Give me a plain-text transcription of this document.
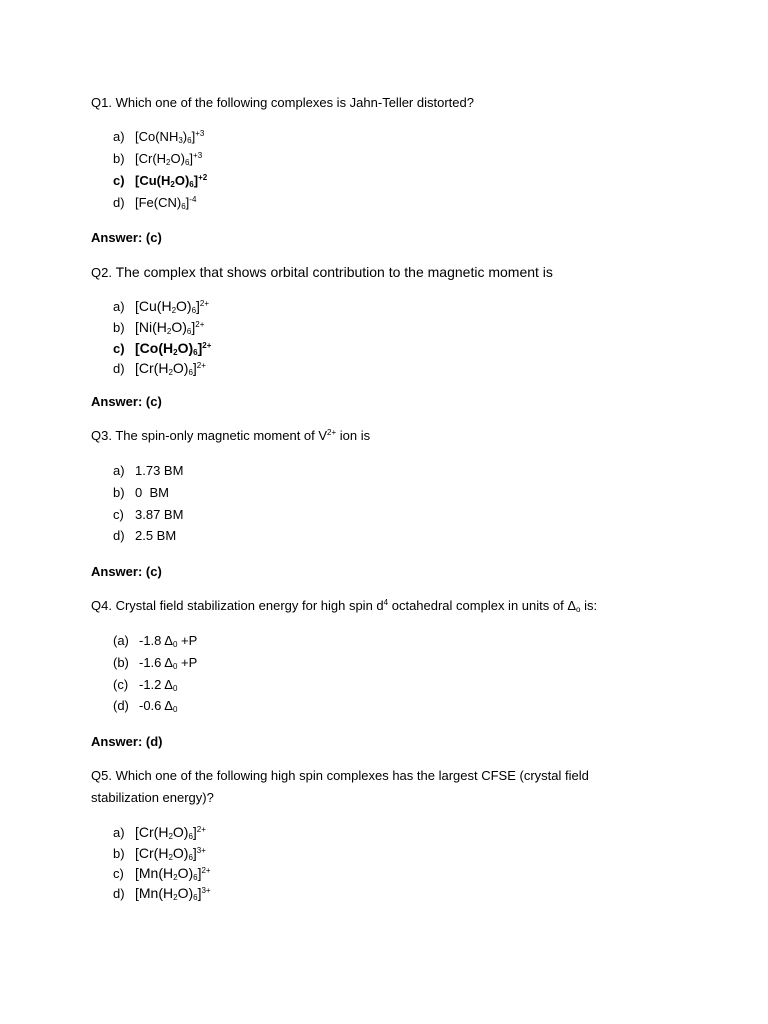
Q1. Which one of the following complexes is Jahn-Teller distorted?

a) $[Co(NH_3)_6]^{+3}$

b) $[Cr(H_2O)_6]^{+3}$

c) $[Cu(H_2O)_6]^{+2}$

d) $[Fe(CN)_6]^{-4}$

Answer: (c)

Q2. The complex that shows orbital contribution to the magnetic moment is

a) $[Cu(H_2O)_6]^{2+}$

b) $[Ni(H_2O)_6]^{2+}$

c) $[Co(H_2O)_6]^{2+}$

d) $[Cr(H_2O)_6]^{2+}$

Answer: (c)

Q3. The spin-only magnetic moment of $V^{2+}$ ion is

a) 1.73 BM

b) 0  BM

c) 3.87 BM

d) 2.5 BM

Answer: (c)

Q4. Crystal field stabilization energy for high spin $d^4$ octahedral complex in units of $\Delta_o$ is:

(a) -1.8 $\Delta_0 +P$

(b) -1.6 $\Delta_0 +P$

(c) -1.2 $\Delta_0$

(d) -0.6 $\Delta_0$

Answer: (d)

Q5. Which one of the following high spin complexes has the largest CFSE (crystal field

stabilization energy)?

a) $[Cr(H_2O)_6]^{2+}$

b) $[Cr(H_2O)_6]^{3+}$

c) $[Mn(H_2O)_6]^{2+}$

d) $[Mn(H_2O)_6]^{3+}$
